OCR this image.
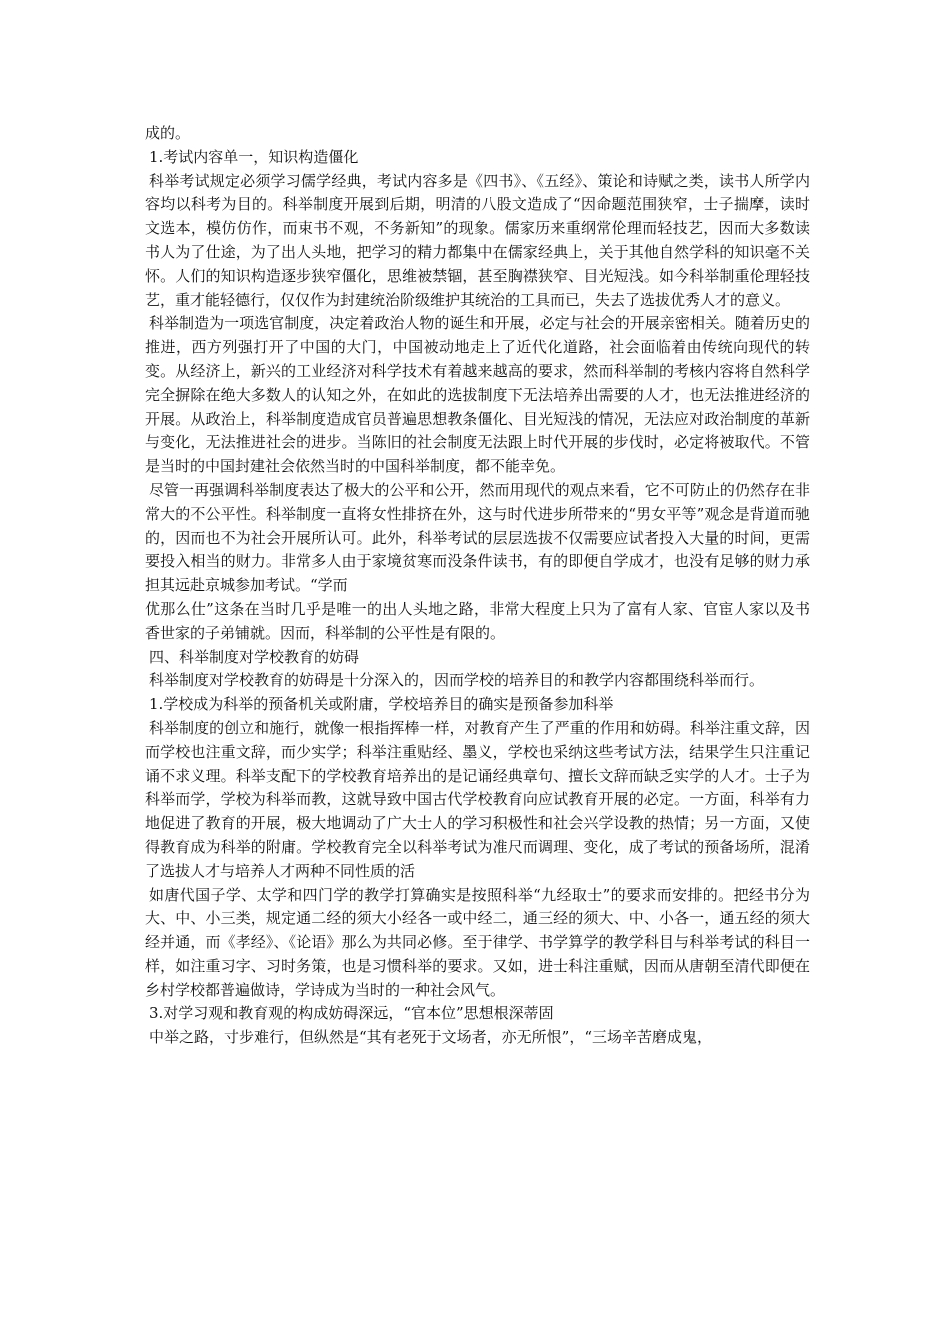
成的。

1.考试内容单一，知识构造僵化

科举考试规定必须学习儒学经典，考试内容多是《四书》、《五经》、策论和诗赋之类，读书人所学内容均以科考为目的。科举制度开展到后期，明清的八股文造成了“因命题范围狭窄，士子揣摩，读时文选本，模仿仿作，而束书不观，不务新知”的现象。儒家历来重纲常伦理而轻技艺，因而大多数读书人为了仕途，为了出人头地，把学习的精力都集中在儒家经典上，关于其他自然学科的知识毫不关怀。人们的知识构造逐步狭窄僵化，思维被禁锢，甚至胸襟狭窄、目光短浅。如今科举制重伦理轻技艺，重才能轻德行，仅仅作为封建统治阶级维护其统治的工具而已，失去了选拔优秀人才的意义。

科举制造为一项选官制度，决定着政治人物的诞生和开展，必定与社会的开展亲密相关。随着历史的推进，西方列强打开了中国的大门，中国被动地走上了近代化道路，社会面临着由传统向现代的转变。从经济上，新兴的工业经济对科学技术有着越来越高的要求，然而科举制的考核内容将自然科学完全摒除在绝大多数人的认知之外，在如此的选拔制度下无法培养出需要的人才，也无法推进经济的开展。从政治上，科举制度造成官员普遍思想教条僵化、目光短浅的情况，无法应对政治制度的革新与变化，无法推进社会的进步。当陈旧的社会制度无法跟上时代开展的步伐时，必定将被取代。不管是当时的中国封建社会依然当时的中国科举制度，都不能幸免。

尽管一再强调科举制度表达了极大的公平和公开，然而用现代的观点来看，它不可防止的仍然存在非常大的不公平性。科举制度一直将女性排挤在外，这与时代进步所带来的“男女平等”观念是背道而驰的，因而也不为社会开展所认可。此外，科举考试的层层选拔不仅需要应试者投入大量的时间，更需要投入相当的财力。非常多人由于家境贫寒而没条件读书，有的即便自学成才，也没有足够的财力承担其远赴京城参加考试。“学而

优那么仕”这条在当时几乎是唯一的出人头地之路，非常大程度上只为了富有人家、官宦人家以及书香世家的子弟铺就。因而，科举制的公平性是有限的。

四、科举制度对学校教育的妨碍

科举制度对学校教育的妨碍是十分深入的，因而学校的培养目的和教学内容都围绕科举而行。

1.学校成为科举的预备机关或附庸，学校培养目的确实是预备参加科举

科举制度的创立和施行，就像一根指挥棒一样，对教育产生了严重的作用和妨碍。科举注重文辞，因而学校也注重文辞，而少实学；科举注重贴经、墨义，学校也采纳这些考试方法，结果学生只注重记诵不求义理。科举支配下的学校教育培养出的是记诵经典章句、擅长文辞而缺乏实学的人才。士子为科举而学，学校为科举而教，这就导致中国古代学校教育向应试教育开展的必定。一方面，科举有力地促进了教育的开展，极大地调动了广大士人的学习积极性和社会兴学设教的热情；另一方面，又使得教育成为科举的附庸。学校教育完全以科举考试为准尺而调理、变化，成了考试的预备场所，混淆了选拔人才与培养人才两种不同性质的活

如唐代国子学、太学和四门学的教学打算确实是按照科举“九经取士”的要求而安排的。把经书分为大、中、小三类，规定通二经的须大小经各一或中经二，通三经的须大、中、小各一，通五经的须大经并通，而《孝经》、《论语》那么为共同必修。至于律学、书学算学的教学科目与科举考试的科目一样，如注重习字、习时务策，也是习惯科举的要求。又如，进士科注重赋，因而从唐朝至清代即便在乡村学校都普遍做诗，学诗成为当时的一种社会风气。

3.对学习观和教育观的构成妨碍深远，“官本位”思想根深蒂固

中举之路，寸步难行，但纵然是“其有老死于文场者，亦无所恨”，“三场辛苦磨成鬼，
